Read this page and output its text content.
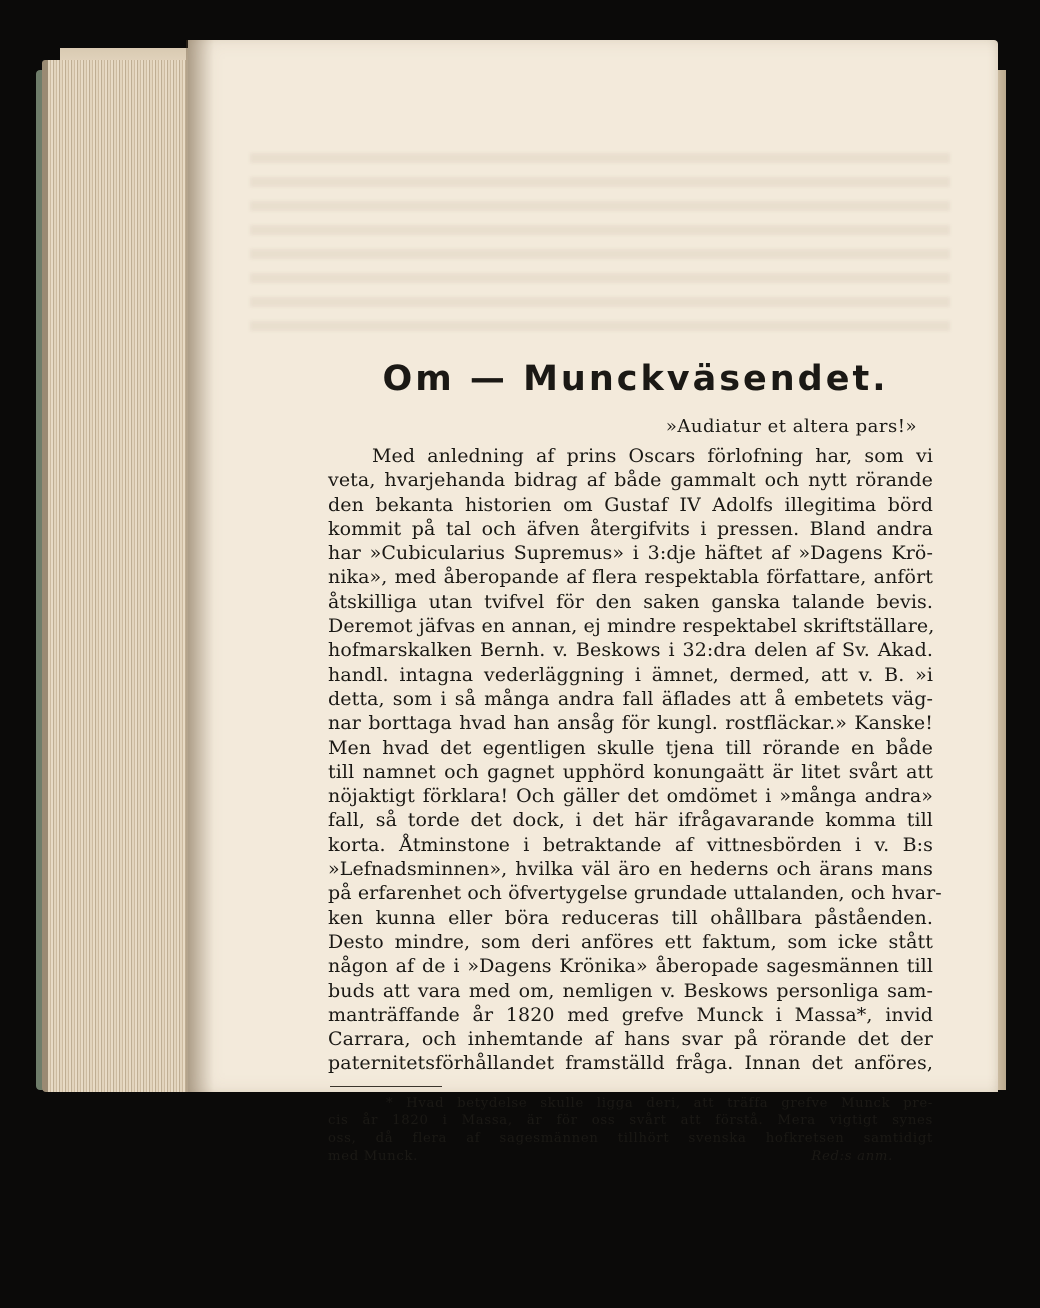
Om — Munckväsendet.
»Audiatur et altera pars!»
Med anledning af prins Oscars förlofning har, som vi
veta, hvarjehanda bidrag af både gammalt och nytt rörande
den bekanta historien om Gustaf IV Adolfs illegitima börd
kommit på tal och äfven återgifvits i pressen. Bland andra
har »Cubicularius Supremus» i 3:dje häftet af »Dagens Krö-
nika», med åberopande af flera respektabla författare, anfört
åtskilliga utan tvifvel för den saken ganska talande bevis.
Deremot jäfvas en annan, ej mindre respektabel skriftställare,
hofmarskalken Bernh. v. Beskows i 32:dra delen af Sv. Akad.
handl. intagna vederläggning i ämnet, dermed, att v. B. »i
detta, som i så många andra fall äflades att å embetets väg-
nar borttaga hvad han ansåg för kungl. rostfläckar.» Kanske!
Men hvad det egentligen skulle tjena till rörande en både
till namnet och gagnet upphörd konungaätt är litet svårt att
nöjaktigt förklara! Och gäller det omdömet i »många andra»
fall, så torde det dock, i det här ifrågavarande komma till
korta. Åtminstone i betraktande af vittnesbörden i v. B:s
»Lefnadsminnen», hvilka väl äro en hederns och ärans mans
på erfarenhet och öfvertygelse grundade uttalanden, och hvar-
ken kunna eller böra reduceras till ohållbara påståenden.
Desto mindre, som deri anföres ett faktum, som icke stått
någon af de i »Dagens Krönika» åberopade sagesmännen till
buds att vara med om, nemligen v. Beskows personliga sam-
manträffande år 1820 med grefve Munck i Massa*, invid
Carrara, och inhemtande af hans svar på rörande det der
paternitetsförhållandet framställd fråga. Innan det anföres,
* Hvad betydelse skulle ligga deri, att träffa grefve Munck pre-
cis år 1820 i Massa, är för oss svårt att förstå. Mera vigtigt synes
oss, då flera af sagesmännen tillhört svenska hofkretsen samtidigt
med Munck.	Red:s anm.
